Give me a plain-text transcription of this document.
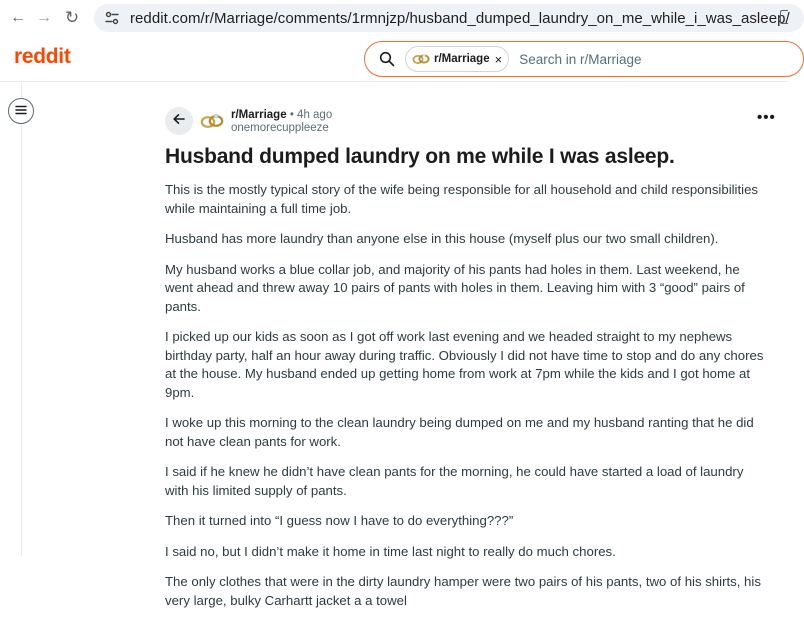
← → ↻	reddit.com/r/Marriage/comments/1rmnjzp/husband_dumped_laundry_on_me_while_i_was_asleep/
reddit	r/Marriage ×
Search in r/Marriage
r/Marriage • 4h ago
onemorecuppleeze
•••
Husband dumped laundry on me while I was asleep.

This is the mostly typical story of the wife being responsible for all household and child responsibilities while maintaining a full time job.

Husband has more laundry than anyone else in this house (myself plus our two small children).

My husband works a blue collar job, and majority of his pants had holes in them. Last weekend, he went ahead and threw away 10 pairs of pants with holes in them. Leaving him with 3 “good” pairs of pants.

I picked up our kids as soon as I got off work last evening and we headed straight to my nephews birthday party, half an hour away during traffic. Obviously I did not have time to stop and do any chores at the house. My husband ended up getting home from work at 7pm while the kids and I got home at 9pm.

I woke up this morning to the clean laundry being dumped on me and my husband ranting that he did not have clean pants for work.

I said if he knew he didn’t have clean pants for the morning, he could have started a load of laundry with his limited supply of pants.

Then it turned into “I guess now I have to do everything???”

I said no, but I didn’t make it home in time last night to really do much chores.

The only clothes that were in the dirty laundry hamper were two pairs of his pants, two of his shirts, his very large, bulky Carhartt jacket a a towel
